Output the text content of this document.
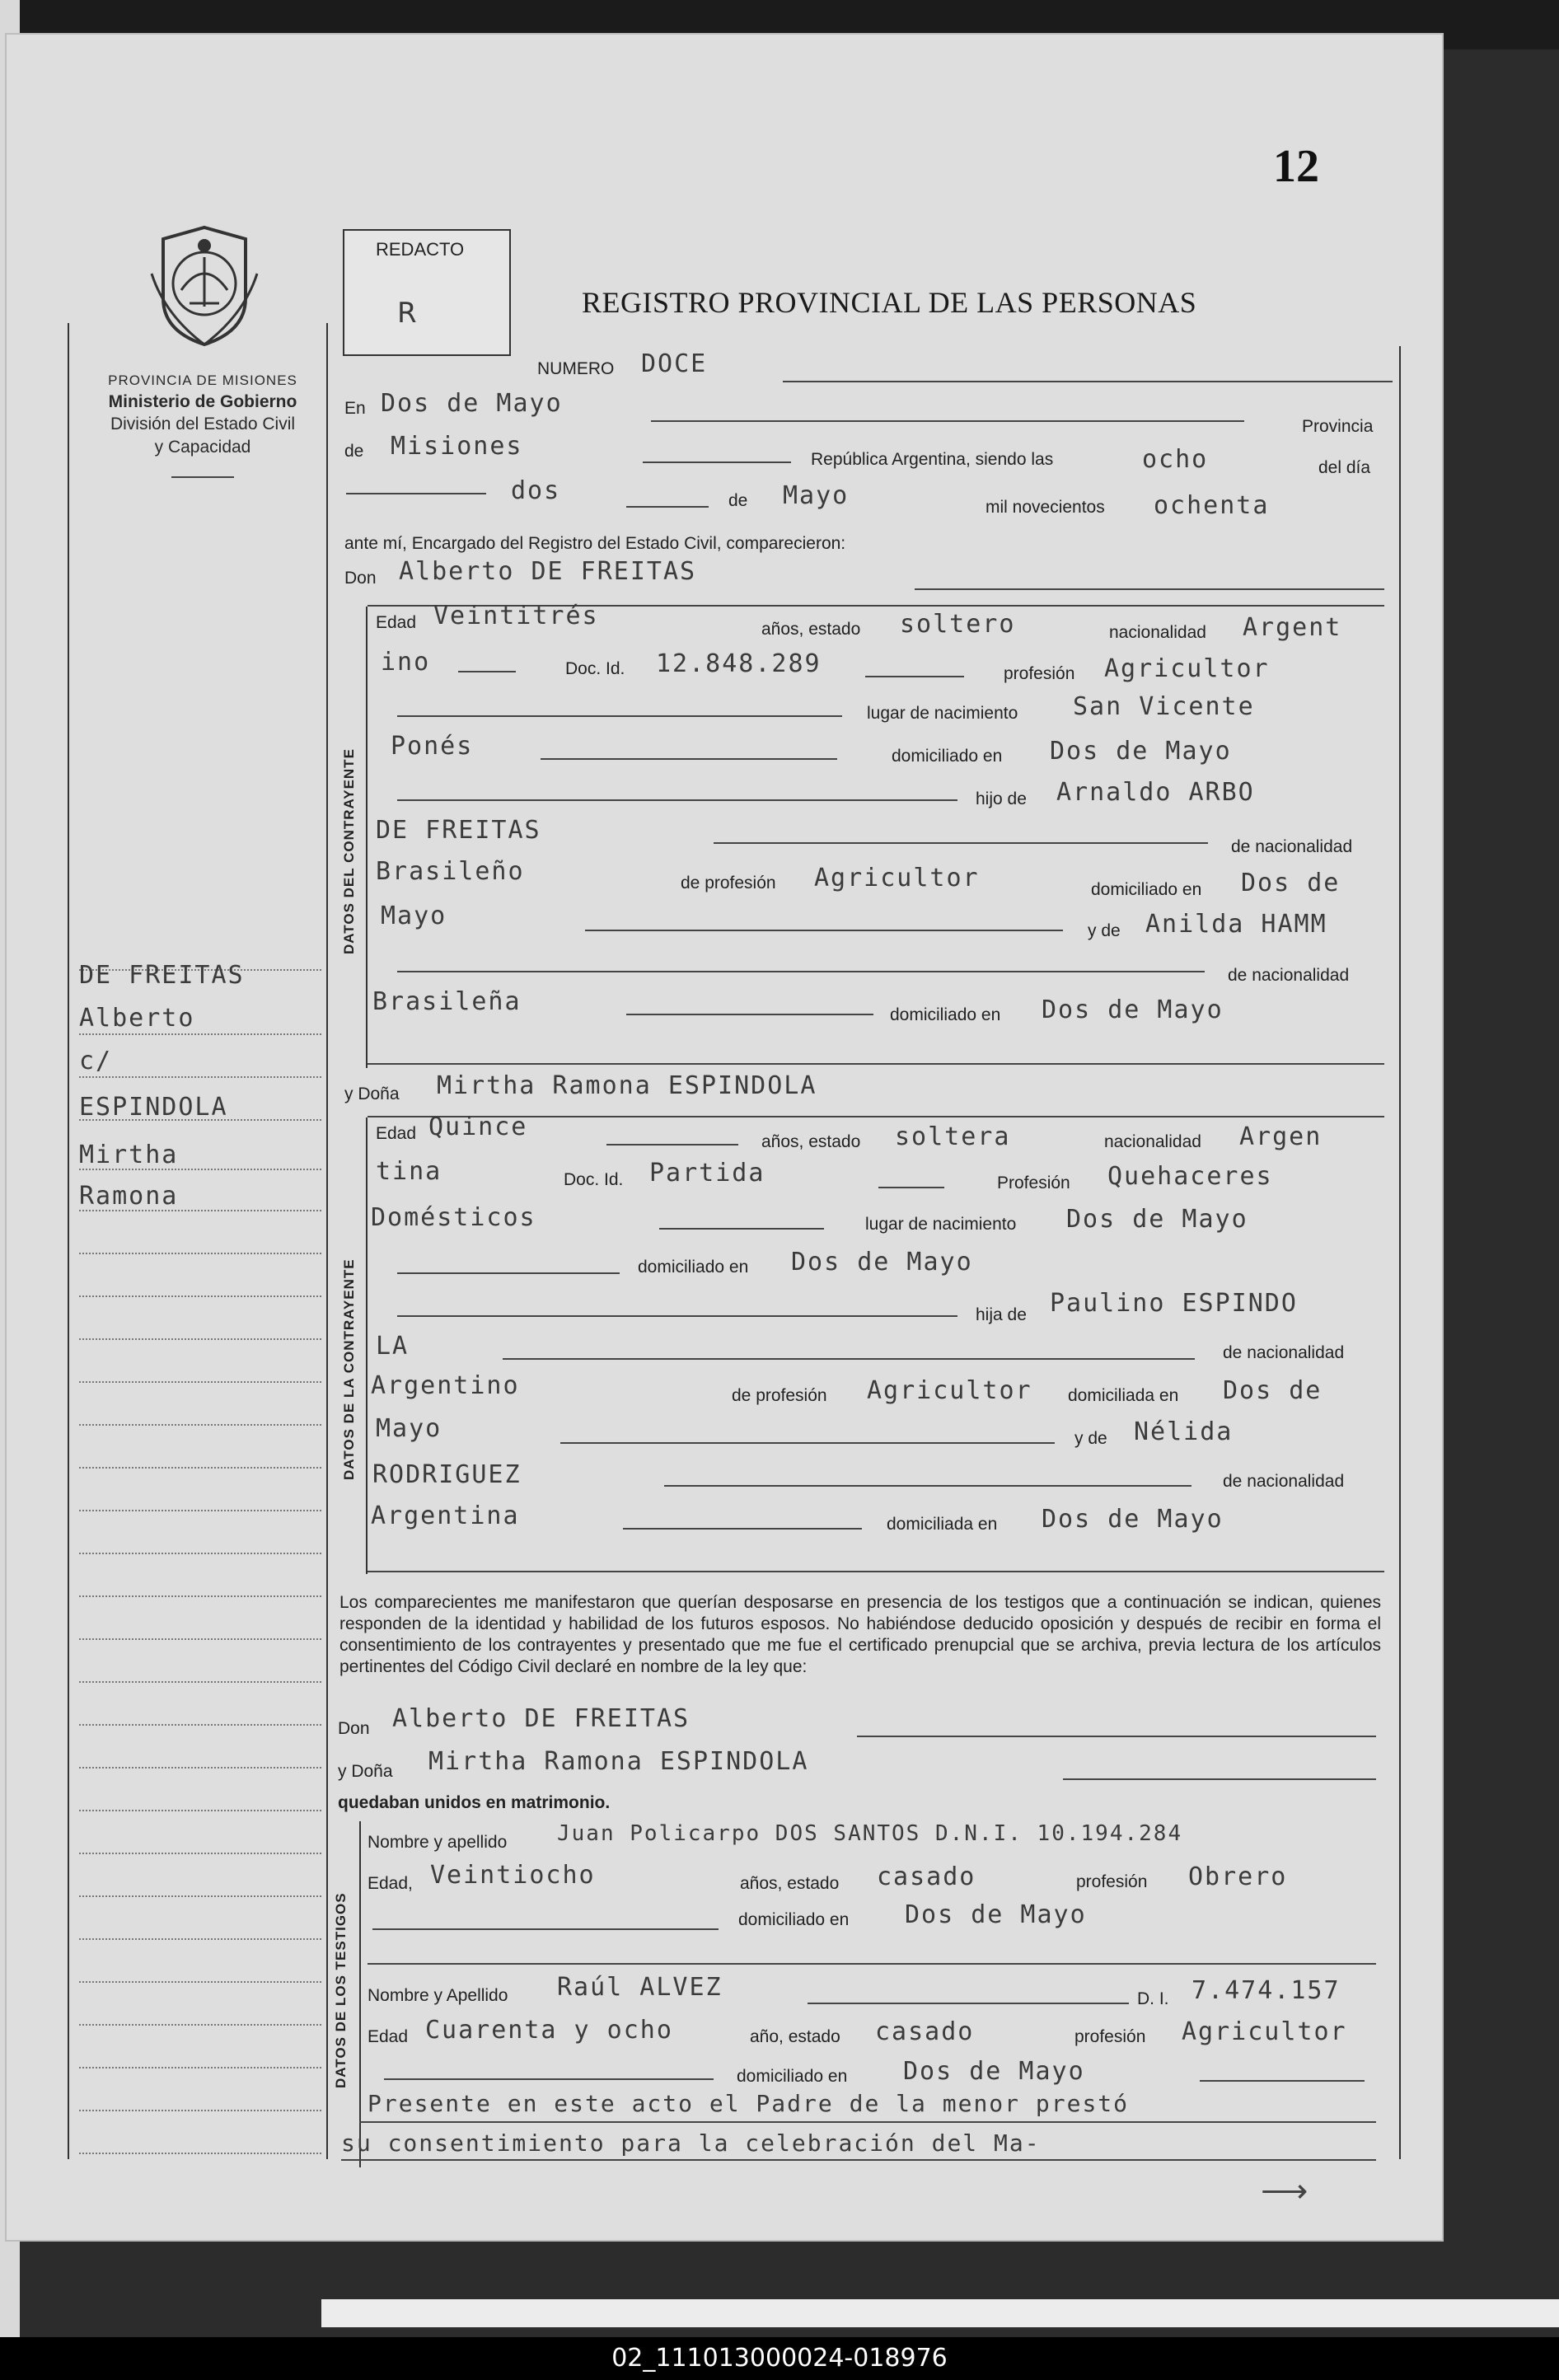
12
PROVINCIA DE MISIONES
Ministerio de Gobierno
División del Estado Civil
y Capacidad
REDACTO
R	REGISTRO PROVINCIAL DE LAS PERSONAS
NUMERO DOCE
En Dos de Mayo
Provincia
de Misiones	República Argentina, siendo las	ocho	del día
dos	de Mayo	mil novecientos ochenta
ante mí, Encargado del Registro del Estado Civil, comparecieron:
Don Alberto DE FREITAS
DATOS DEL CONTRAYENTE
Edad Veintitrés	años, estado soltero	nacionalidad Argent
ino	Doc. Id. 12.848.289	profesión Agricultor
lugar de nacimiento San Vicente
Ponés	domiciliado en Dos de Mayo
hijo de Arnaldo ARBO
DE FREITAS
de nacionalidad
Brasileño	de profesión Agricultor	domiciliado en Dos de
Mayo
y de Anilda HAMM
de nacionalidad
Brasileña	domiciliado en Dos de Mayo
y Doña Mirtha Ramona ESPINDOLA
DATOS DE LA CONTRAYENTE
Edad Quince
años, estado soltera	nacionalidad Argen
tina	Doc. Id. Partida	Profesión Quehaceres
Domésticos	lugar de nacimiento Dos de Mayo
domiciliado en Dos de Mayo
hija de Paulino ESPINDO
LA	de nacionalidad
Argentino	de profesión Agricultor domiciliada en Dos de
Mayo	y de Nélida
RODRIGUEZ	de nacionalidad
Argentina	domiciliada en Dos de Mayo
Los comparecientes me manifestaron que querían desposarse en presencia de los testigos que a continuación se indican, quienes responden de la identidad y habilidad de los futuros esposos. No habiéndose deducido oposición y después de recibir en forma el consentimiento de los contrayentes y presentado que me fue el certificado prenupcial que se archiva, previa lectura de los artículos pertinentes del Código Civil declaré en nombre de la ley que:
Don Alberto DE FREITAS
y Doña Mirtha Ramona ESPINDOLA
quedaban unidos en matrimonio.
DATOS DE LOS TESTIGOS
Nombre y apellido Juan Policarpo DOS SANTOS D.N.I. 10.194.284
Edad, Veintiocho	años, estado casado	profesión Obrero
domiciliado en Dos de Mayo
Nombre y Apellido Raúl ALVEZ	D. I. 7.474.157
Edad Cuarenta y ocho	año, estado casado	profesión Agricultor
domiciliado en Dos de Mayo
Presente en este acto el Padre de la menor prestó
su consentimiento para la celebración del Ma-
⟶
DE FREITAS
Alberto
c/
ESPINDOLA
Mirtha
Ramona
02_111013000024-018976
